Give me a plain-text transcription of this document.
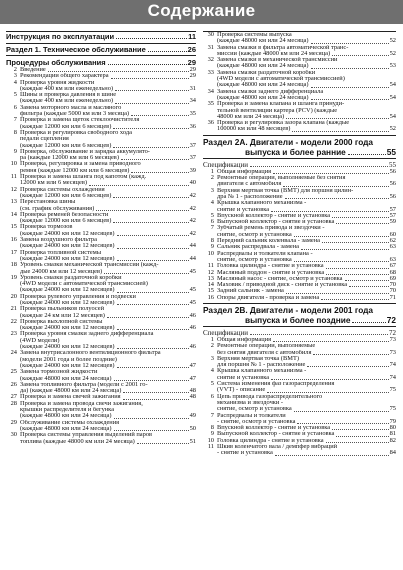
Содержание
Инструкция по эксплуатации	11
Раздел 1. Техническое обслуживание	26
Процедуры обслуживания	29
2 Введение	29
3 Рекомендации общего характера	29
4 Проверка уровня жидкости
(каждые 400 км или еженедельно)	31
5 Шины и проверка давления в шине
(каждые 400 км или еженедельно)	34
6 Замена моторного масла и масляного
фильтра (каждые 5000 км или 3 месяца)	35
7 Проверка и замена щеток стеклоочистителя
(каждые 12000 км или 6 месяцев)	36
8 Проверка и регулировка свободного хода
педали сцепления
(каждые 12000 км или 6 месяцев)	37
9 Проверка, обслуживание и зарядка аккумулято-
ра (каждые 12000 км или 6 месяцев)	37
10 Проверка, регулировка и замена приводного
ремня (каждые 12000 км или 6 месяцев)	39
11 Проверка и замена шланга под капотом (кажд.
12000 км или 6 месяцев)	40
12 Проверка системы охлаждения
(каждые 12000 км или 6 месяцев)	42
13 Перестановка шины
(см. график обслуживания)	42
14 Проверка ременей безопасности
(каждые 12000 км или 6 месяцев)	42
15 Проверка тормозов
(каждые 24000 км или 12 месяцев)	42
16 Замена воздушного фильтра
(каждые 24000 км или 12 месяцев)	44
17 Проверка топливной системы
(каждые 24000 км или 12 месяцев)	44
18 Уровень смазки механической трансмиссии (кажд-
дые 24000 км или 12 месяцев)	45
19 Уровень смазки раздаточной коробки
(4WD модели с автоматической трансмиссией)
(каждые 24000 км или 12 месяцев)	45
20 Проверка рулевого управления и подвески
(каждые 24000 км или 12 месяцев)	45
21 Проверка пыльников полуосей
(каждые 24 км или 12 месяцев)	46
22 Проверка выхлопной системы
(каждые 24000 км или 12 месяцев)	46
23 Проверка уровня смазки заднего дифференциала
(4WD модели)
(каждые 24000 км или 12 месяцев)	46
24 Замена внутрисалонного вентиляционного фильтра
(модели 2001 года и более поздние)
(каждые 24000 км или 12 месяцев)	47
25 Замена тормозной жидкости
(каждые 48000 км или 24 месяца)	47
26 Замена топливного фильтра (модели с 2001 го-
да) (каждые 48000 км или 24 месяца)	48
27 Проверка и замена свечей зажигания	48
28 Проверка и замена провода свечи зажигания,
крышки распределителя и бегунка
(каждые 48000 км или 24 месяца)	49
29 Обслуживание системы охлаждения
(каждые 48000 км или 24 месяца)	50
30 Проверка системы управления выделений паров
топлива (каждые 48000 км или 24 месяца)	51
30 Проверка системы выпуска
(каждые 48000 км или 24 месяца)	52
31 Замена смазки в фильтра автоматической транс-
миссии (каждые 48000 км или 24 месяца)	52
32 Замена смазки в механической трансмиссии
(каждые 48000 км или 24 месяца)	53
33 Замена смазки раздаточной коробки
(4WD модели с автоматической трансмиссией)
(каждые 48000 км или 24 месяца)	54
34 Замена смазки заднего дифференциала
(каждые 48000 км или 24 месяца)	54
35 Проверка и замена клапана и шланга принуди-
тельной вентиляции картера (PCV) (каждые
48000 км или 24 месяца)	54
36 Проверка и регулировка зазора клапана (каждые
100000 км или 48 месяцев)	52
Раздел 2A. Двигатели - модели 2000 года
выпуска и более ранние	55
Спецификации	55
1 Общая информация	56
2 Ремонтные операции, выполняемые без снятия
двигателя с автомобиля	56
3 Верхняя мертвая точка (ВМТ) для поршня цилин-
дра № 1 - расположение	56
4 Крышка клапанного механизма -
снятие и установка	57
5 Впускной коллектор - снятие и установка	57
6 Выпускной коллектор - снятие и установка	59
7 Зубчатый ремень привода и звездочки -
снятие, осмотр и установка	60
8 Передний сальник коленвала - замена	62
9 Сальник распредвала - замена	63
10 Распредвалы и толкатели клапана -
снятие, осмотр и установка	63
11 Головка цилиндра - снятие и установка	67
12 Масляный поддон - снятие и установка	68
13 Масляный насос - снятие, осмотр и установка	69
14 Маховик / приводной диск - снятие и установка	70
15 Задний сальник - замена	70
16 Опоры двигателя - проверка и замена	71
Раздел 2B. Двигатели - модели 2001 года
выпуска и более поздние	72
Спецификации	72
1 Общая информация	73
2 Ремонтные операции, выполняемые
без снятия двигателя с автомобиля	73
3 Верхняя мертвая точка (ВМТ)
для поршня № 1 - расположение	74
4 Крышка клапанного механизма -
снятие и установка	74
5 Система изменения фаз газораспределения
(VVT) - описание	75
6 Цепь привода газораспределительного
механизма и звездочки -
снятие, осмотр и установка	75
7 Распредвалы и толкатели
- снятие, осмотр и установка	79
8 Впускной коллектор - снятие и установка	80
9 Выпускной коллектор - снятие и установка	81
10 Головка цилиндра - снятие и установка	82
11 Шкив коленчатого вала / демпфер вибраций
- снятие и установка	84
